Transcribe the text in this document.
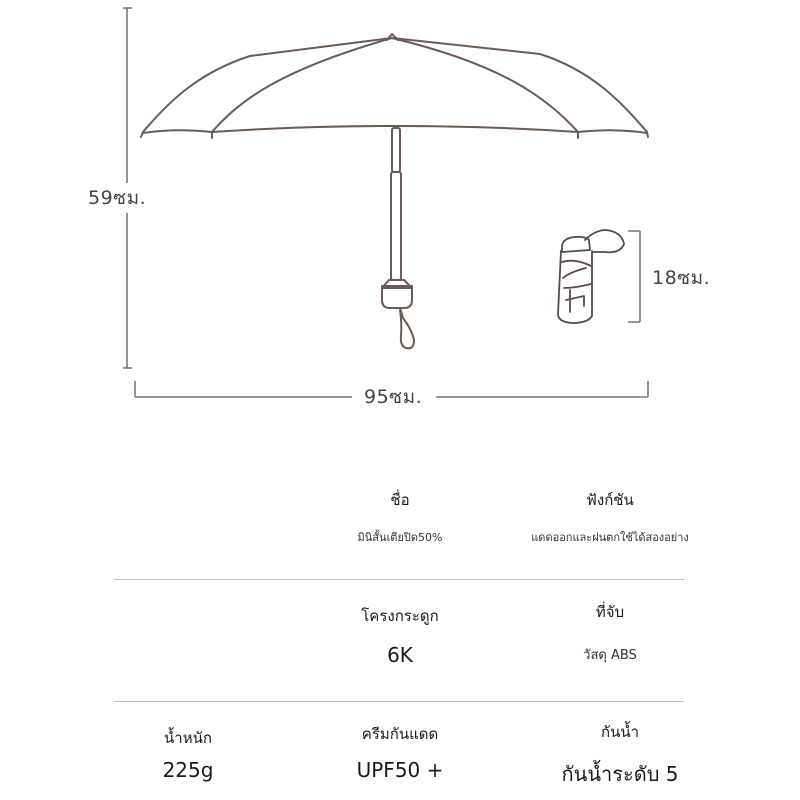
59ซม.
95ซม.
18ซม.
ชื่อ
มินิสั้นเตียปิด50%
ฟังก์ชัน
แดดออกและฝนตกใช้ได้สองอย่าง
โครงกระดูก
6K
ที่จับ
วัสดุ ABS
น้ำหนัก
225g
ครีมกันแดด
UPF50 +
กันน้ำ
กันน้ำระดับ 5
